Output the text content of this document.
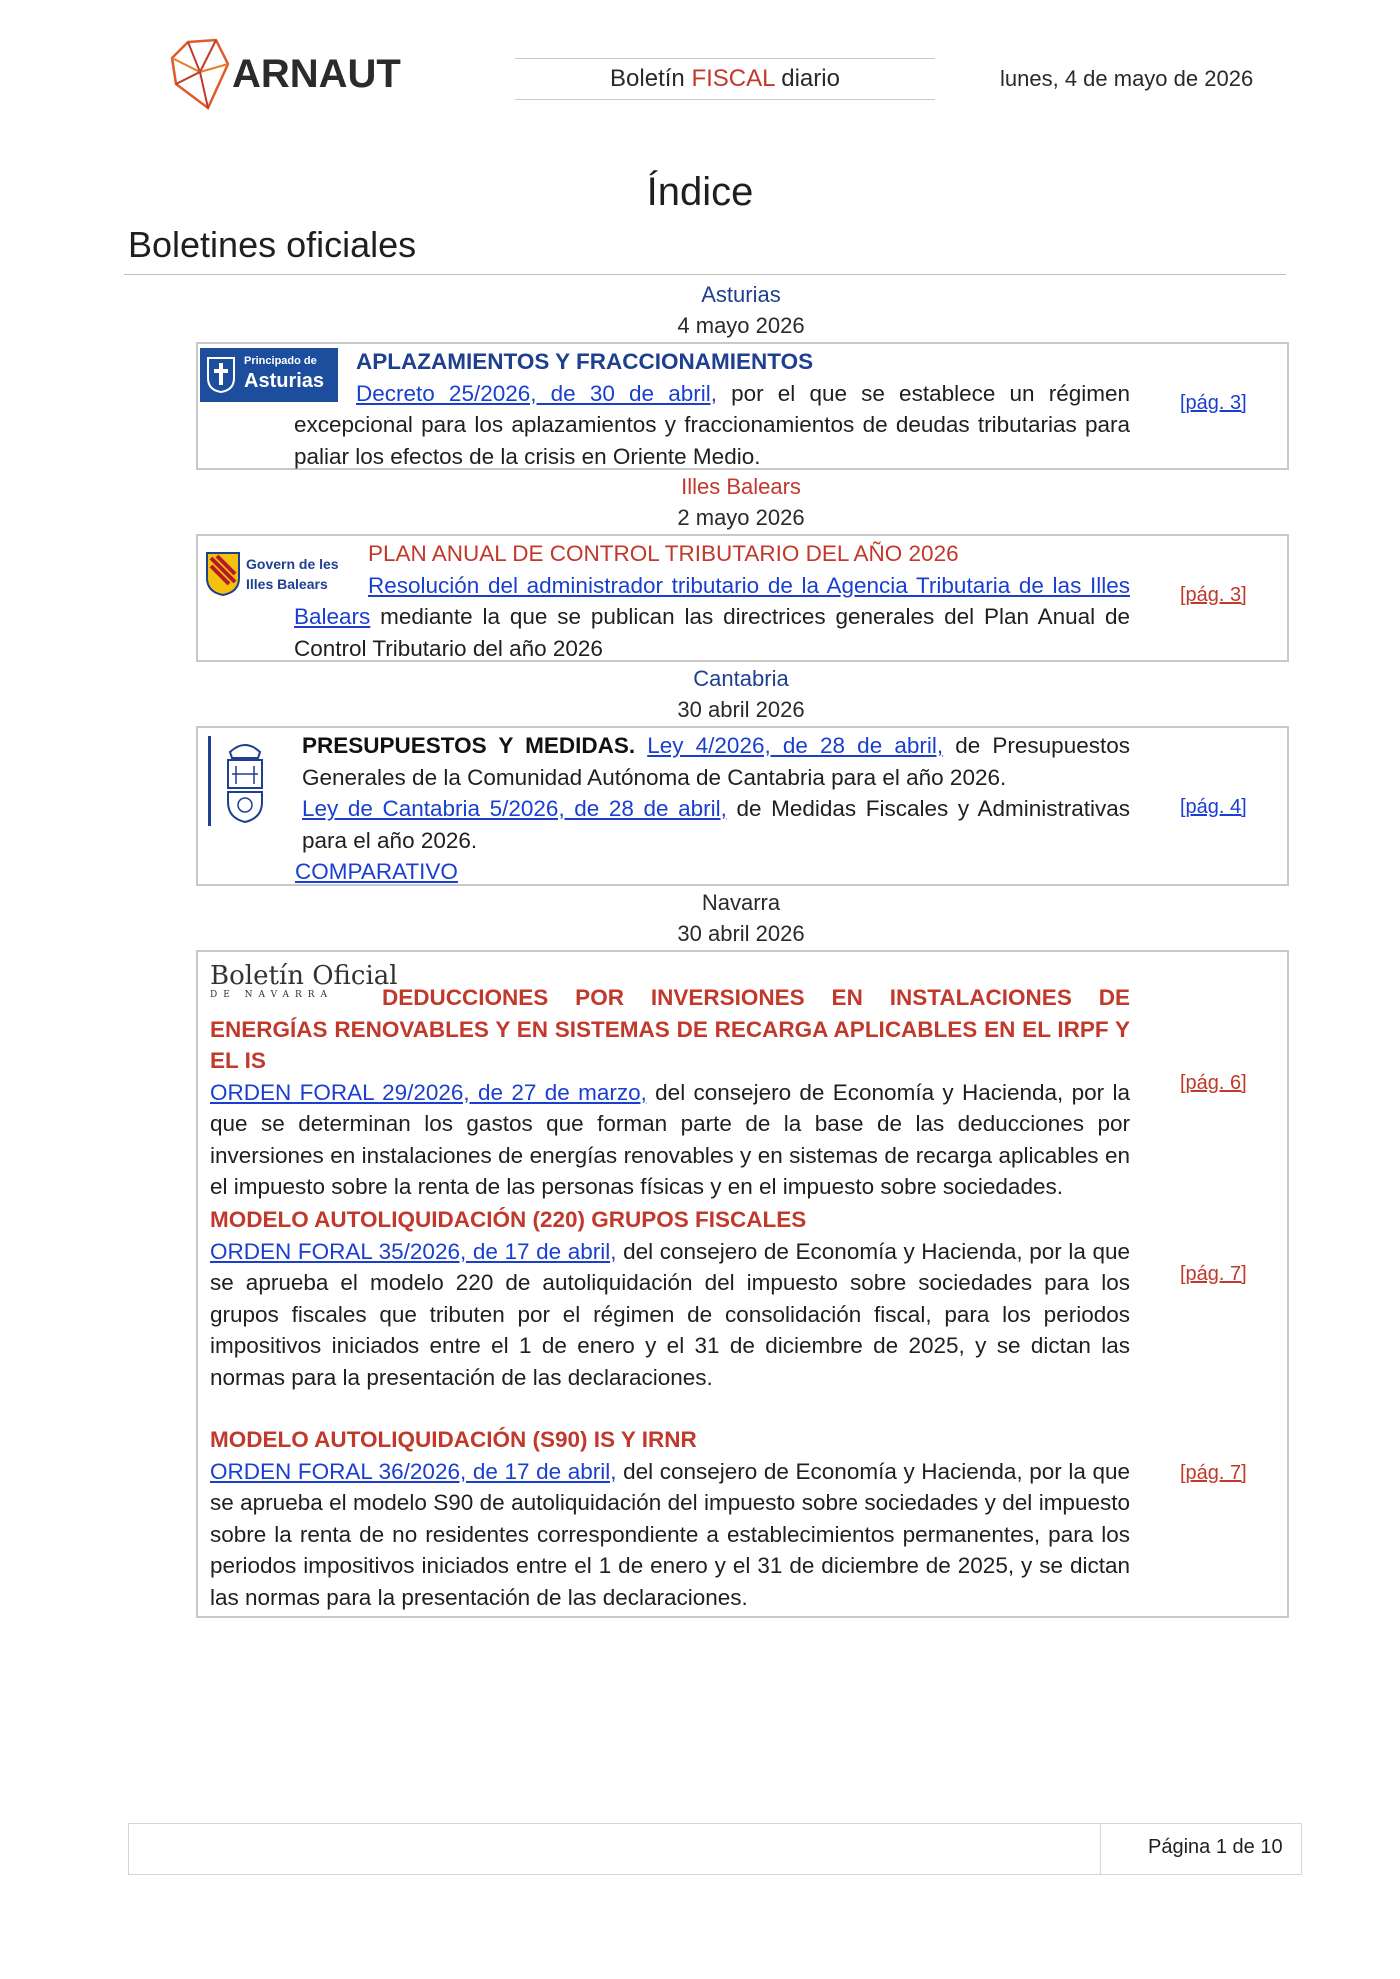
ARNAUT	Boletín FISCAL diario	lunes, 4 de mayo de 2026
Índice
Boletines oficiales
Asturias
4 mayo 2026
Principado de
Asturias
APLAZAMIENTOS Y FRACCIONAMIENTOS
Decreto 25/2026, de 30 de abril, por el que se establece un régimen excepcional para los aplazamientos y fraccionamientos de deudas tributarias para paliar los efectos de la crisis en Oriente Medio.
[pág. 3]
Illes Balears
2 mayo 2026
Govern de les
Illes Balears
PLAN ANUAL DE CONTROL TRIBUTARIO DEL AÑO 2026
Resolución del administrador tributario de la Agencia Tributaria de las Illes Balears mediante la que se publican las directrices generales del Plan Anual de Control Tributario del año 2026
[pág. 3]
Cantabria
30 abril 2026
PRESUPUESTOS Y MEDIDAS. Ley 4/2026, de 28 de abril, de Presupuestos Generales de la Comunidad Autónoma de Cantabria para el año 2026.
Ley de Cantabria 5/2026, de 28 de abril, de Medidas Fiscales y Administrativas para el año 2026.
COMPARATIVO
[pág. 4]
Navarra
30 abril 2026
Boletín Oficial
DE NAVARRA	DEDUCCIONES POR INVERSIONES EN INSTALACIONES DE ENERGÍAS RENOVABLES Y EN SISTEMAS DE RECARGA APLICABLES EN EL IRPF Y EL IS
ORDEN FORAL 29/2026, de 27 de marzo, del consejero de Economía y Hacienda, por la que se determinan los gastos que forman parte de la base de las deducciones por inversiones en instalaciones de energías renovables y en sistemas de recarga aplicables en el impuesto sobre la renta de las personas físicas y en el impuesto sobre sociedades.
[pág. 6]
MODELO AUTOLIQUIDACIÓN (220) GRUPOS FISCALES
ORDEN FORAL 35/2026, de 17 de abril, del consejero de Economía y Hacienda, por la que se aprueba el modelo 220 de autoliquidación del impuesto sobre sociedades para los grupos fiscales que tributen por el régimen de consolidación fiscal, para los periodos impositivos iniciados entre el 1 de enero y el 31 de diciembre de 2025, y se dictan las normas para la presentación de las declaraciones.
[pág. 7]
MODELO AUTOLIQUIDACIÓN (S90) IS Y IRNR
ORDEN FORAL 36/2026, de 17 de abril, del consejero de Economía y Hacienda, por la que se aprueba el modelo S90 de autoliquidación del impuesto sobre sociedades y del impuesto sobre la renta de no residentes correspondiente a establecimientos permanentes, para los periodos impositivos iniciados entre el 1 de enero y el 31 de diciembre de 2025, y se dictan las normas para la presentación de las declaraciones.
[pág. 7]
Página 1 de 10
